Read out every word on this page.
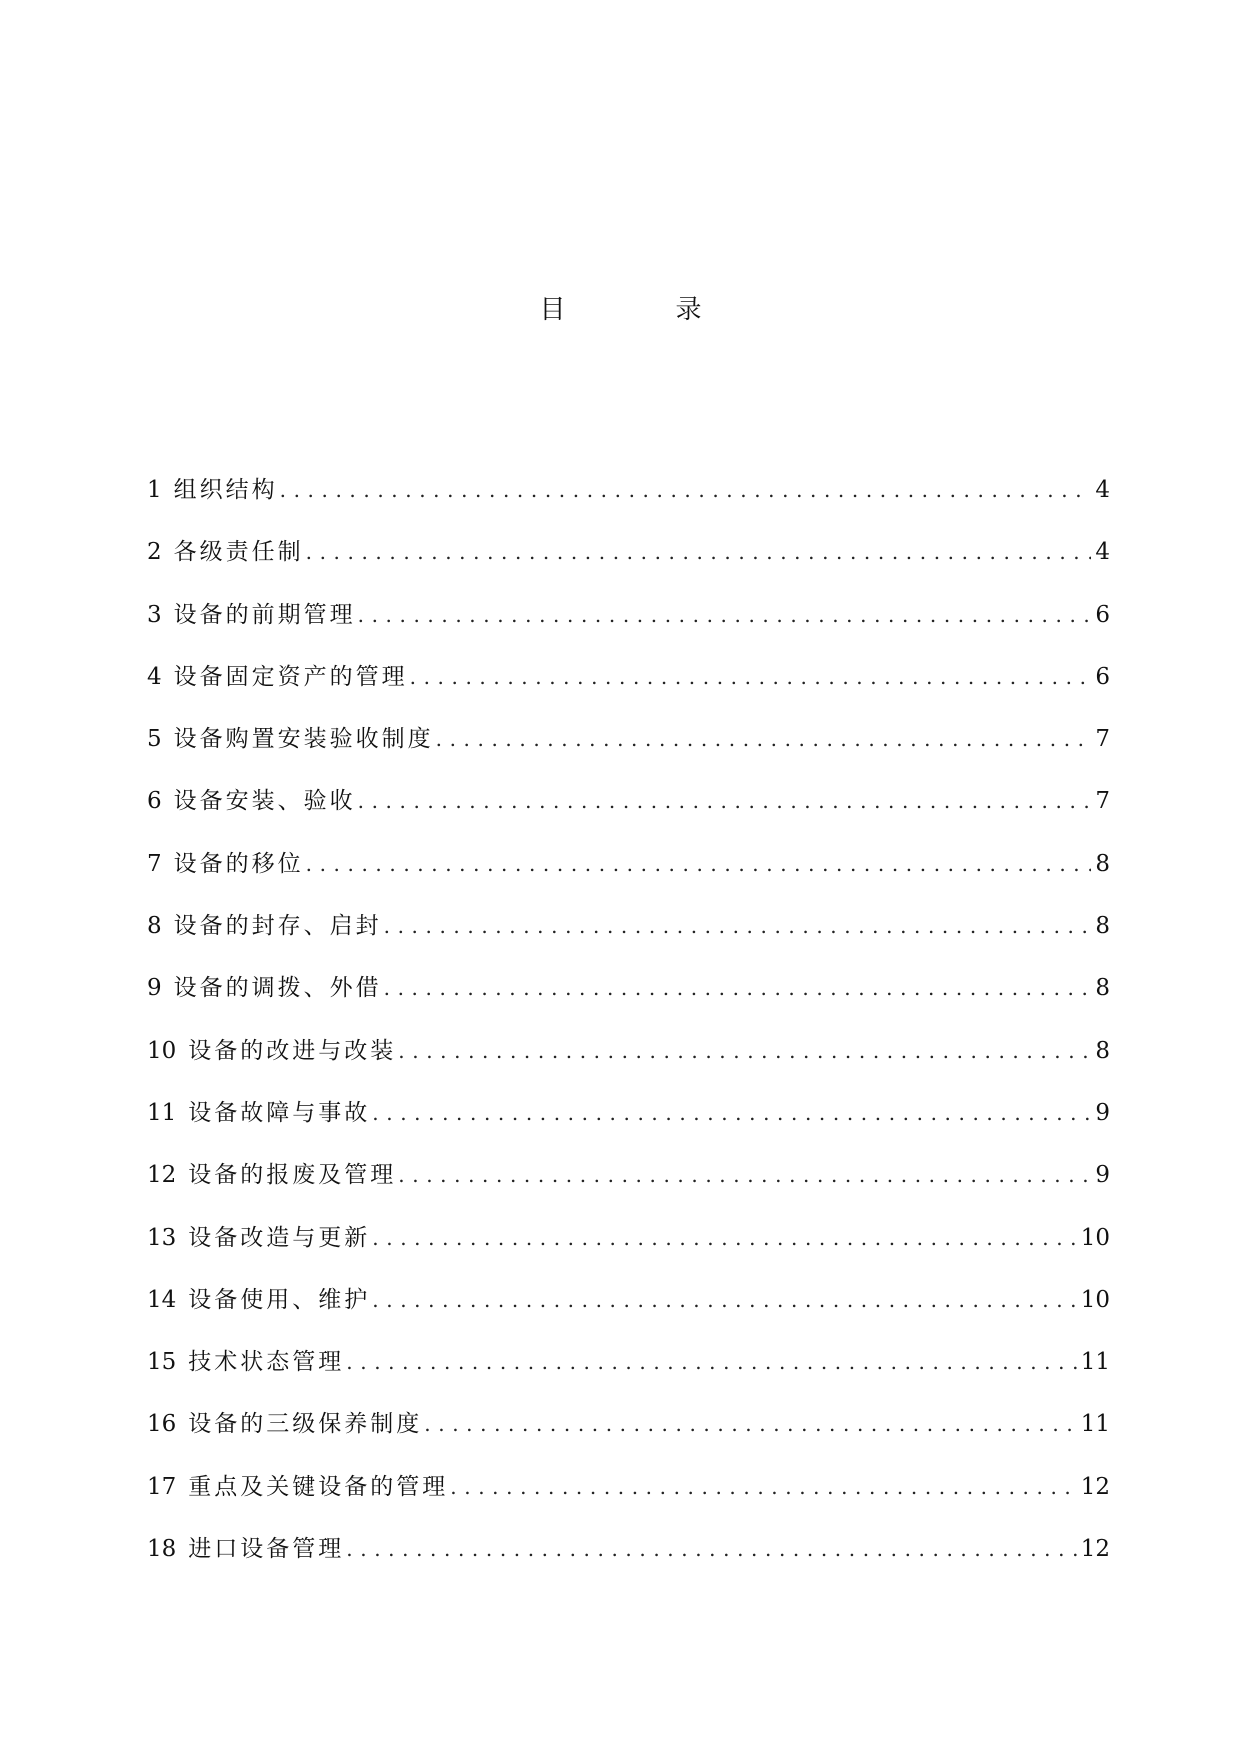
目　录
1 组织结构 .....	4
2 各级责任制 .....	4
3 设备的前期管理 .....	6
4 设备固定资产的管理 .....	6
5 设备购置安装验收制度 .....	7
6 设备安装、验收 .....	7
7 设备的移位 .....	8
8 设备的封存、启封 .....	8
9 设备的调拨、外借 .....	8
10 设备的改进与改装 .....	8
11 设备故障与事故 .....	9
12 设备的报废及管理 .....	9
13 设备改造与更新 .....	10
14 设备使用、维护 .....	10
15 技术状态管理 .....	11
16 设备的三级保养制度 .....	11
17 重点及关键设备的管理 .....	12
18 进口设备管理 .....	12
